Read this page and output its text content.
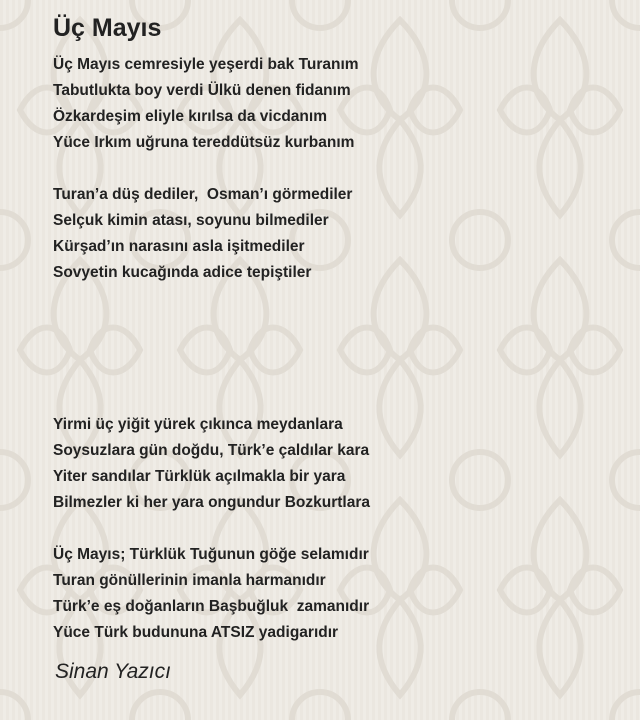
Üç Mayıs
Üç Mayıs cemresiyle yeşerdi bak Turanım
Tabutlukta boy verdi Ülkü denen fidanım
Özkardeşim eliyle kırılsa da vicdanım
Yüce Irkım uğruna tereddütsüz kurbanım
Turan’a düş dediler,  Osman’ı görmediler
Selçuk kimin atası, soyunu bilmediler
Kürşad’ın narasını asla işitmediler
Sovyetin kucağında adice tepiştiler
Yirmi üç yiğit yürek çıkınca meydanlara
Soysuzlara gün doğdu, Türk’e çaldılar kara
Yiter sandılar Türklük açılmakla bir yara
Bilmezler ki her yara ongundur Bozkurtlara
Üç Mayıs; Türklük Tuğunun göğe selamıdır
Turan gönüllerinin imanla harmanıdır
Türk’e eş doğanların Başbuğluk  zamanıdır
Yüce Türk budununa ATSIZ yadigarıdır

Sinan Yazıcı
